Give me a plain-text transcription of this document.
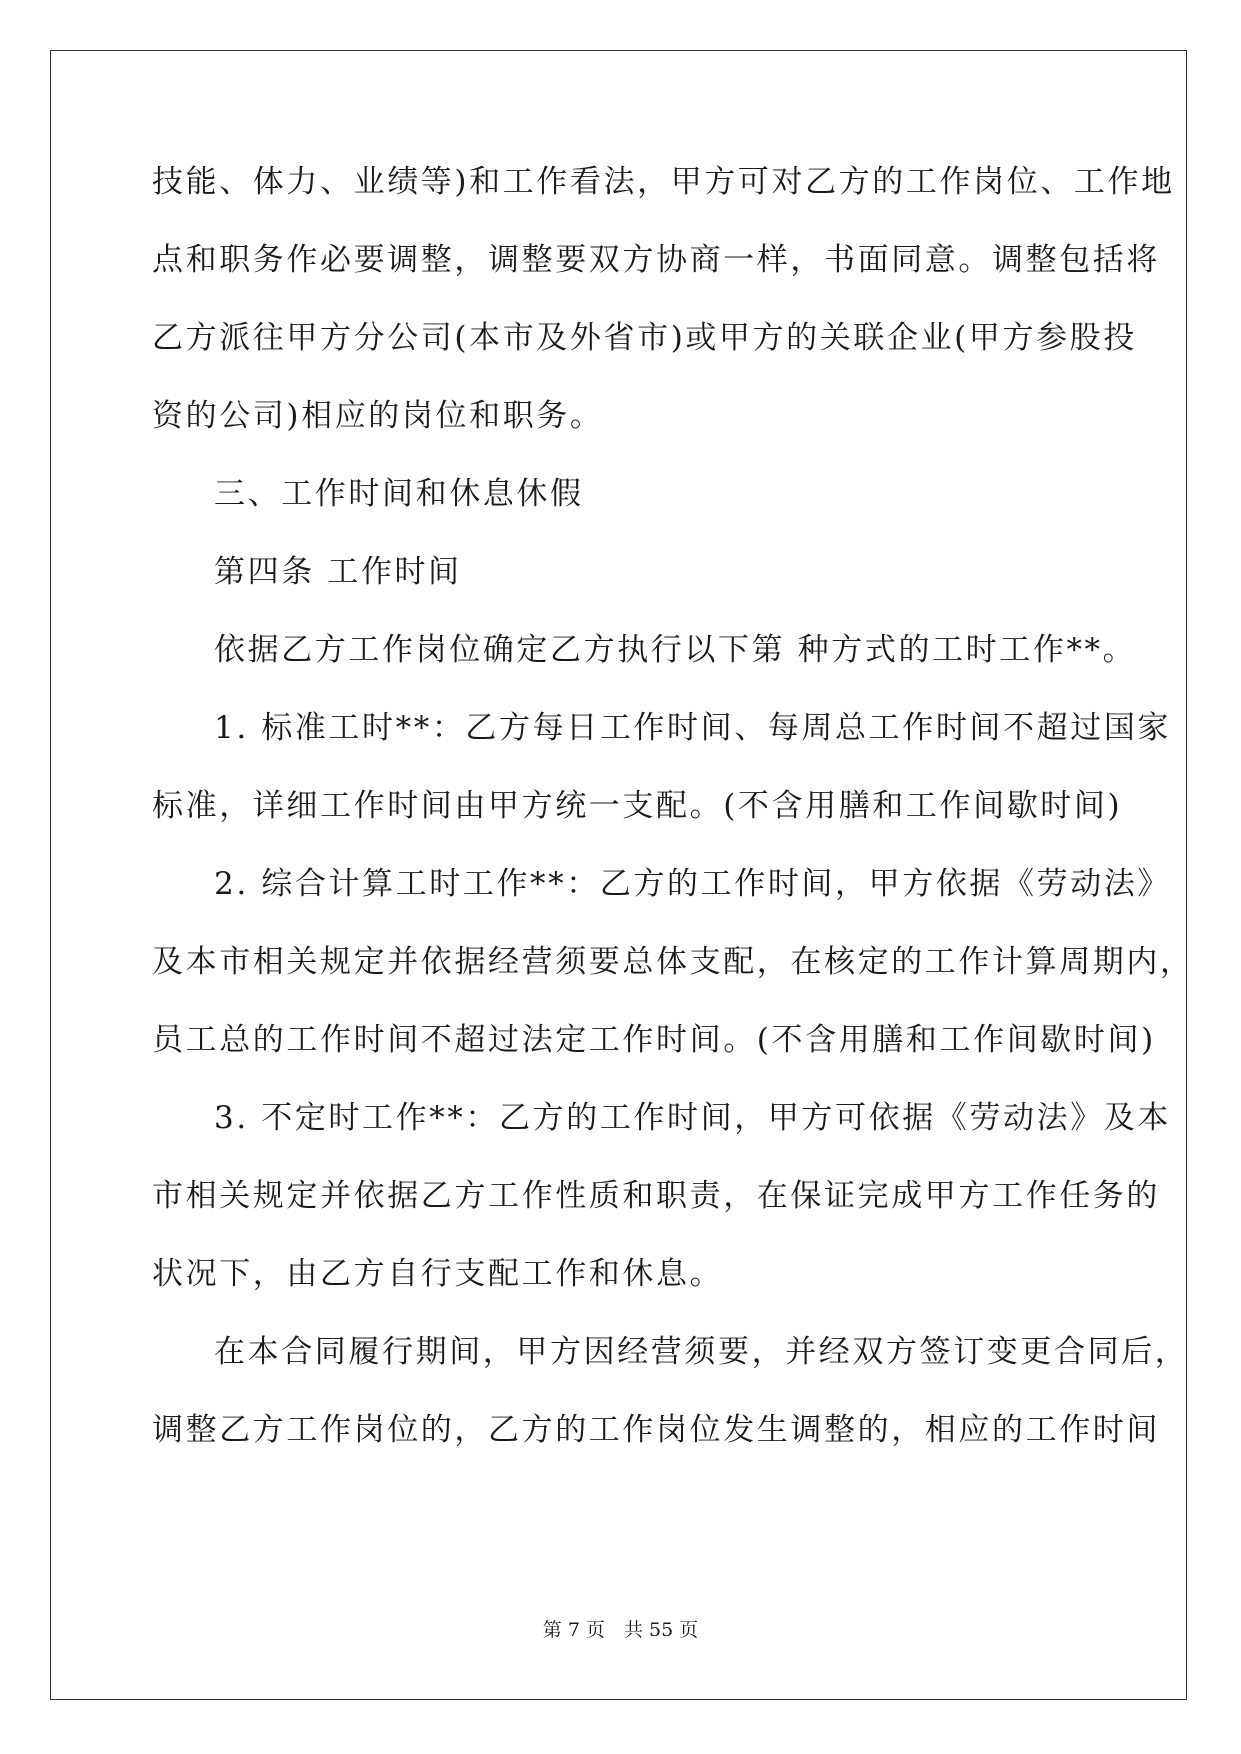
技能、体力、业绩等)和工作看法，甲方可对乙方的工作岗位、工作地
点和职务作必要调整，调整要双方协商一样，书面同意。调整包括将
乙方派往甲方分公司(本市及外省市)或甲方的关联企业(甲方参股投
资的公司)相应的岗位和职务。
三、工作时间和休息休假
第四条 工作时间
依据乙方工作岗位确定乙方执行以下第 种方式的工时工作**。
1. 标准工时**：乙方每日工作时间、每周总工作时间不超过国家
标准，详细工作时间由甲方统一支配。(不含用膳和工作间歇时间)
2. 综合计算工时工作**：乙方的工作时间，甲方依据《劳动法》
及本市相关规定并依据经营须要总体支配，在核定的工作计算周期内，
员工总的工作时间不超过法定工作时间。(不含用膳和工作间歇时间)
3. 不定时工作**：乙方的工作时间，甲方可依据《劳动法》及本
市相关规定并依据乙方工作性质和职责，在保证完成甲方工作任务的
状况下，由乙方自行支配工作和休息。
在本合同履行期间，甲方因经营须要，并经双方签订变更合同后，
调整乙方工作岗位的，乙方的工作岗位发生调整的，相应的工作时间
第 7 页　共 55 页
